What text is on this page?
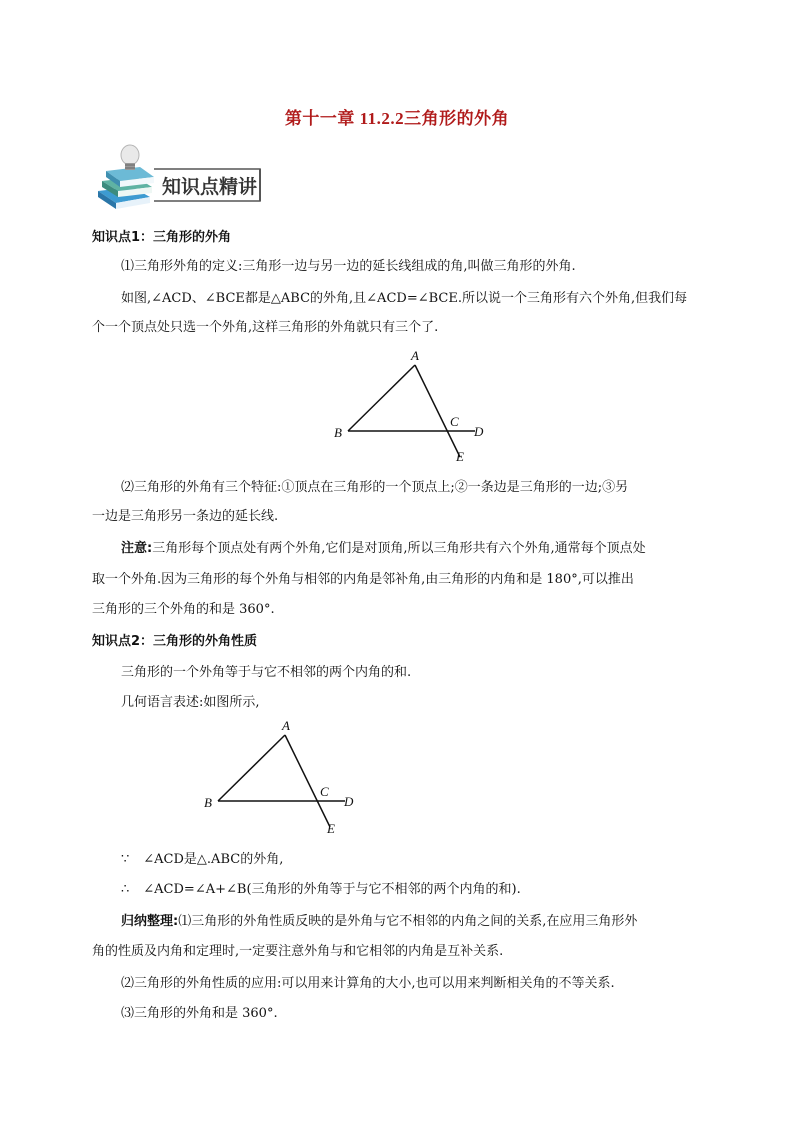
第十一章 11.2.2三角形的外角
知识点精讲
知识点1：三角形的外角
⑴三角形外角的定义:三角形一边与另一边的延长线组成的角,叫做三角形的外角.
如图,∠ACD、∠BCE都是△ABC的外角,且∠ACD=∠BCE.所以说一个三角形有六个外角,但我们每
个一个顶点处只选一个外角,这样三角形的外角就只有三个了.
A
B
C
D
E
⑵三角形的外角有三个特征:①顶点在三角形的一个顶点上;②一条边是三角形的一边;③另
一边是三角形另一条边的延长线.
注意:三角形每个顶点处有两个外角,它们是对顶角,所以三角形共有六个外角,通常每个顶点处
取一个外角.因为三角形的每个外角与相邻的内角是邻补角,由三角形的内角和是 180°,可以推出
三角形的三个外角的和是 360°.
知识点2：三角形的外角性质
三角形的一个外角等于与它不相邻的两个内角的和.
几何语言表述:如图所示,
A
B
C
D
E
∵ ∠ACD是△.ABC的外角,
∴ ∠ACD=∠A+∠B(三角形的外角等于与它不相邻的两个内角的和).
归纳整理:⑴三角形的外角性质反映的是外角与它不相邻的内角之间的关系,在应用三角形外
角的性质及内角和定理时,一定要注意外角与和它相邻的内角是互补关系.
⑵三角形的外角性质的应用:可以用来计算角的大小,也可以用来判断相关角的不等关系.
⑶三角形的外角和是 360°.
